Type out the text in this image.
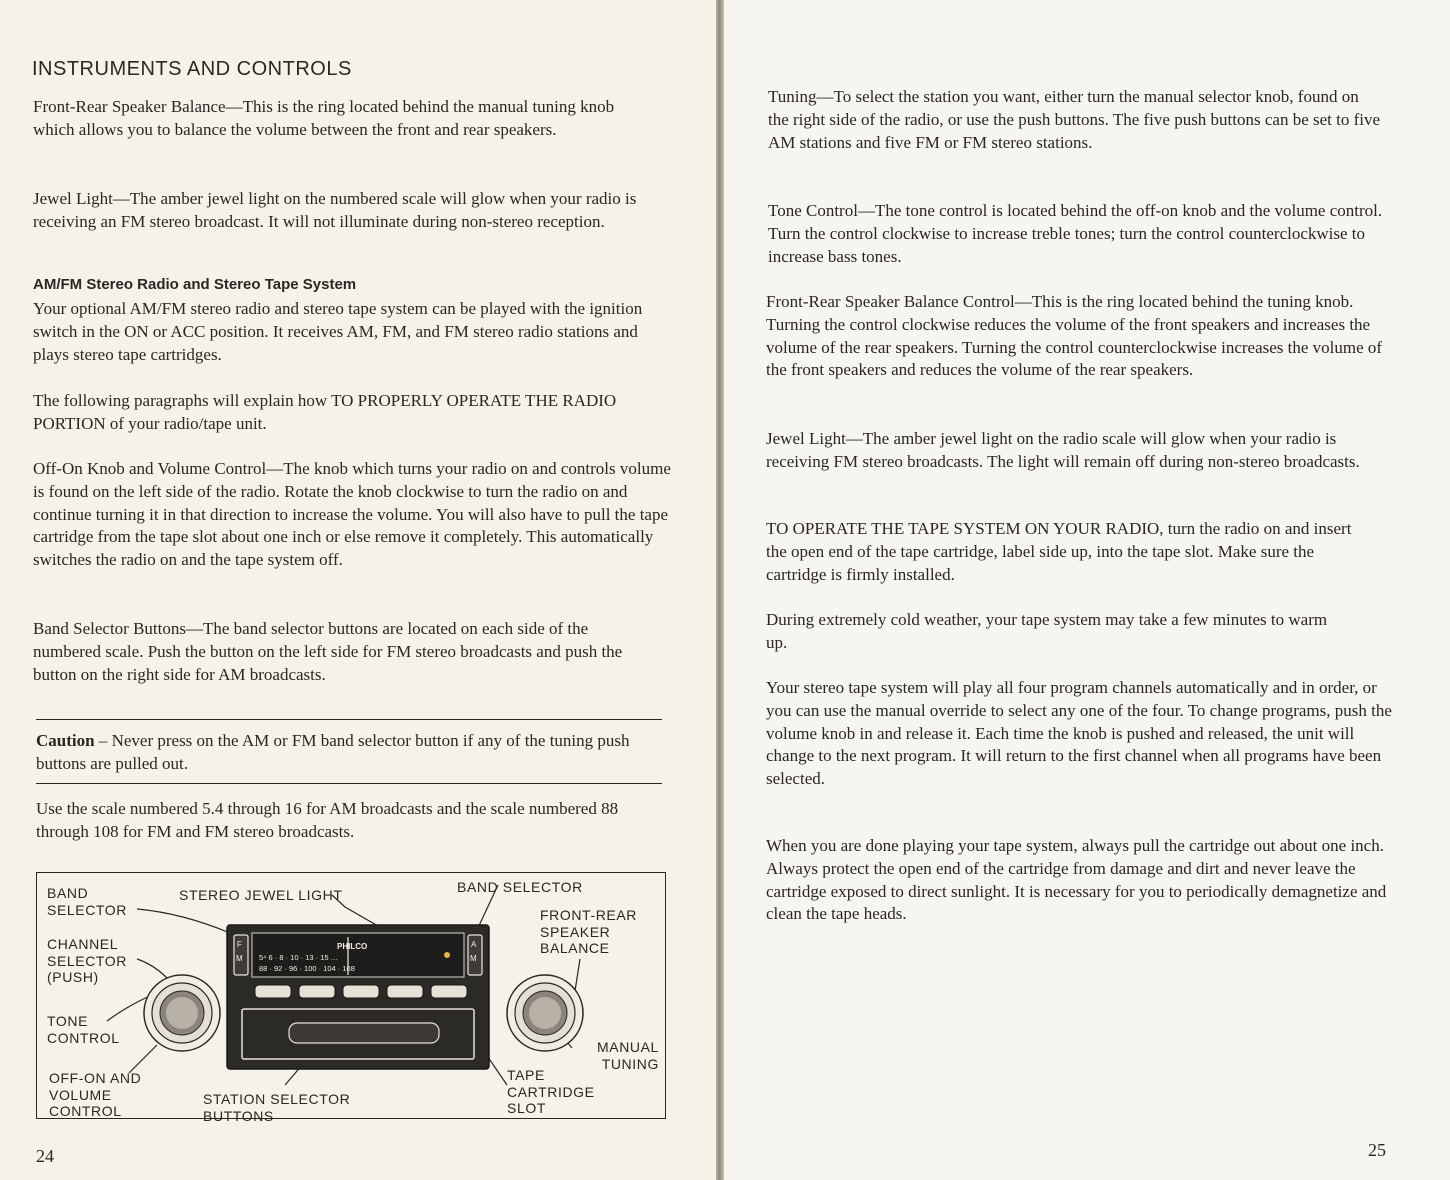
INSTRUMENTS AND CONTROLS

Front-Rear Speaker Balance—This is the ring located behind the manual tuning knob which allows you to balance the volume between the front and rear speakers.

Jewel Light—The amber jewel light on the numbered scale will glow when your radio is receiving an FM stereo broadcast. It will not illuminate during non-stereo reception.

AM/FM Stereo Radio and Stereo Tape System

Your optional AM/FM stereo radio and stereo tape system can be played with the ignition switch in the ON or ACC position. It receives AM, FM, and FM stereo radio stations and plays stereo tape cartridges.

The following paragraphs will explain how TO PROPERLY OPERATE THE RADIO PORTION of your radio/tape unit.

Off-On Knob and Volume Control—The knob which turns your radio on and controls volume is found on the left side of the radio. Rotate the knob clockwise to turn the radio on and continue turning it in that direction to increase the volume. You will also have to pull the tape cartridge from the tape slot about one inch or else remove it completely. This automatically switches the radio on and the tape system off.

Band Selector Buttons—The band selector buttons are located on each side of the numbered scale. Push the button on the left side for FM stereo broadcasts and push the button on the right side for AM broadcasts.

Caution – Never press on the AM or FM band selector button if any of the tuning push buttons are pulled out.

Use the scale numbered 5.4 through 16 for AM broadcasts and the scale numbered 88 through 108 for FM and FM stereo broadcasts.

F
M
A
M
PHILCO
5⁴ 6 · 8 · 10 · 13 · 15 …
88 · 92 · 96 · 100 · 104 · 108

BAND
SELECTOR

STEREO JEWEL LIGHT	BAND SELECTOR

FRONT-REAR
SPEAKER
BALANCE

CHANNEL
SELECTOR
(PUSH)

TONE
CONTROL

OFF-ON AND
VOLUME
CONTROL

STATION SELECTOR
BUTTONS

TAPE
CARTRIDGE
SLOT

MANUAL
TUNING

24

Tuning—To select the station you want, either turn the manual selector knob, found on the right side of the radio, or use the push buttons. The five push buttons can be set to five AM stations and five FM or FM stereo stations.

Tone Control—The tone control is located behind the off-on knob and the volume control. Turn the control clockwise to increase treble tones; turn the control counterclockwise to increase bass tones.

Front-Rear Speaker Balance Control—This is the ring located behind the tuning knob. Turning the control clockwise reduces the volume of the front speakers and increases the volume of the rear speakers. Turning the control counterclockwise increases the volume of the front speakers and reduces the volume of the rear speakers.

Jewel Light—The amber jewel light on the radio scale will glow when your radio is receiving FM stereo broadcasts. The light will remain off during non-stereo broadcasts.

TO OPERATE THE TAPE SYSTEM ON YOUR RADIO, turn the radio on and insert the open end of the tape cartridge, label side up, into the tape slot. Make sure the cartridge is firmly installed.

During extremely cold weather, your tape system may take a few minutes to warm up.

Your stereo tape system will play all four program channels automatically and in order, or you can use the manual override to select any one of the four. To change programs, push the volume knob in and release it. Each time the knob is pushed and released, the unit will change to the next program. It will return to the first channel when all programs have been selected.

When you are done playing your tape system, always pull the cartridge out about one inch. Always protect the open end of the cartridge from damage and dirt and never leave the cartridge exposed to direct sunlight. It is necessary for you to periodically demagnetize and clean the tape heads.

25
